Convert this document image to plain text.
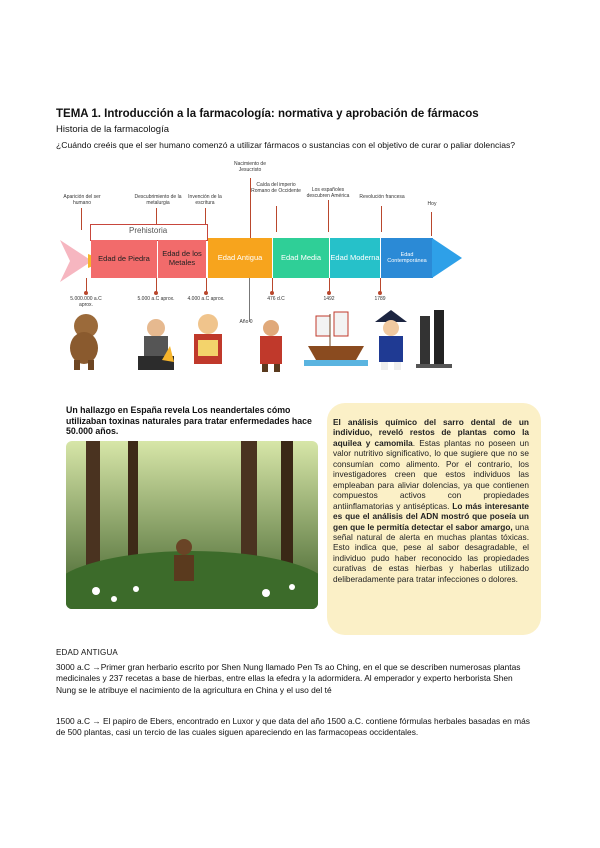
TEMA 1. Introducción a la farmacología: normativa y aprobación de fármacos
Historia de la farmacología
¿Cuándo creéis que el ser humano comenzó a utilizar fármacos o sustancias con el objetivo de curar o paliar dolencias?
Aparición del ser humano
Descubrimiento de la metalurgia
Invención de la escritura
Nacimiento de Jesucristo
Caída del imperio Romano de Occidente	Los españoles descubren América	Revolución francesa
Hoy
Prehistoria
Edad de Piedra	Edad de los Metales
Edad Antigua	Edad Media	Edad Moderna	Edad Contemporánea
5.000.000 a.C aprox.
5.000 a.C aprox.	4.000 a.C aprox.
Año 0
476 d.C	1492	1789
Un hallazgo en España revela Los neandertales cómo utilizaban toxinas naturales para tratar enfermedades hace 50.000 años.
El análisis químico del sarro dental de un individuo, reveló restos de plantas como la aquilea y camomila. Estas plantas no poseen un valor nutritivo significativo, lo que sugiere que no se consumían como alimento. Por el contrario, los investigadores creen que estos individuos las empleaban para aliviar dolencias, ya que contienen compuestos activos con propiedades antiinflamatorias y antisépticas. Lo más interesante es que el análisis del ADN mostró que poseía un gen que le permitía detectar el sabor amargo, una señal natural de alerta en muchas plantas tóxicas. Esto indica que, pese al sabor desagradable, el individuo pudo haber reconocido las propiedades curativas de estas hierbas y haberlas utilizado deliberadamente para tratar infecciones o dolores.
EDAD ANTIGUA
3000 a.C →Primer gran herbario escrito por Shen Nung llamado Pen Ts ao Ching, en el que se describen numerosas plantas medicinales y 237 recetas a base de hierbas, entre ellas la efedra y la adormidera. Al emperador y experto herborista Shen Nung se le atribuye el nacimiento de la agricultura en China y el uso del té
1500 a.C → El papiro de Ebers, encontrado en Luxor y que data del año 1500 a.C. contiene fórmulas herbales basadas en más de 500 plantas, casi un tercio de las cuales siguen apareciendo en las farmacopeas occidentales.
